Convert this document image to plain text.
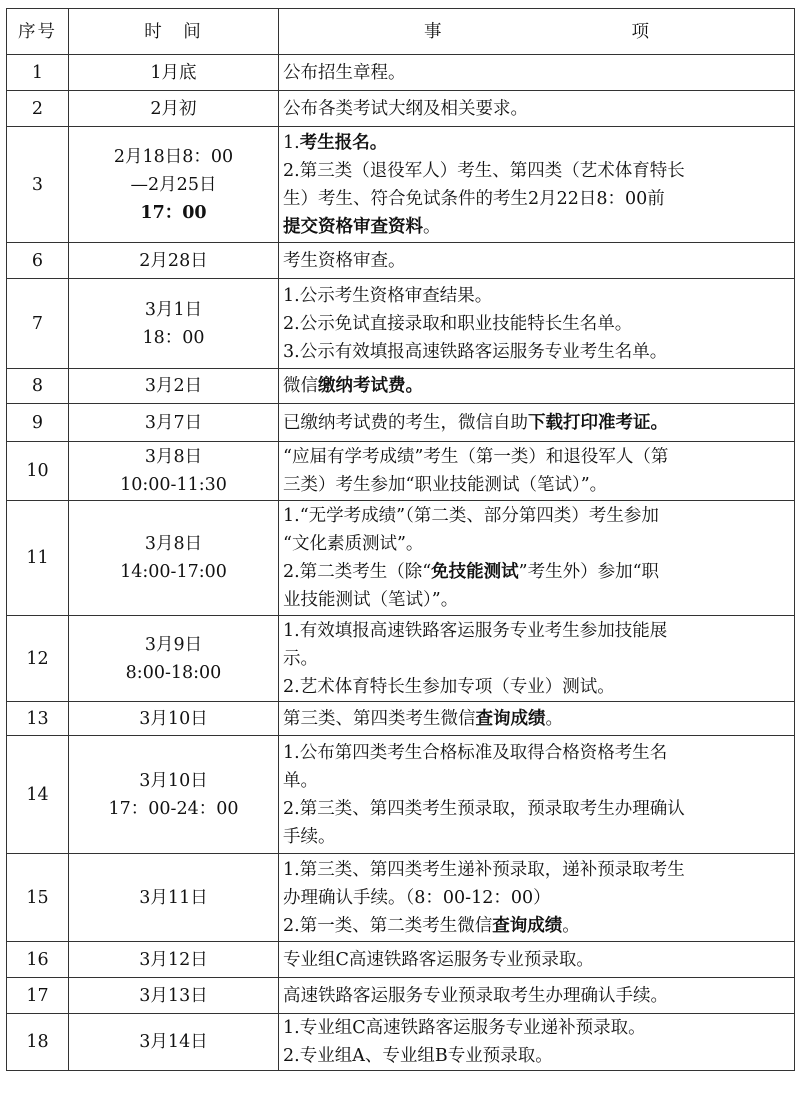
序号	时　间	事 项
1	1月底	公布招生章程。

2	2月初	公布各类考试大纲及相关要求。

3	2月18日8：00
—2月25日
17：00	1.考生报名。
2.第三类（退役军人）考生、第四类（艺术体育特长
生）考生、符合免试条件的考生2月22日8：00前
提交资格审查资料。

6	2月28日	考生资格审查。

7	3月1日
18：00	1.公示考生资格审查结果。
2.公示免试直接录取和职业技能特长生名单。
3.公示有效填报高速铁路客运服务专业考生名单。

8	3月2日	微信缴纳考试费。

9	3月7日	已缴纳考试费的考生，微信自助下载打印准考证。

10	3月8日
10:00-11:30	“应届有学考成绩”考生（第一类）和退役军人（第
三类）考生参加“职业技能测试（笔试）”。

11	3月8日
14:00-17:00	1.“无学考成绩”（第二类、部分第四类）考生参加
“文化素质测试”。
2.第二类考生（除“免技能测试”考生外）参加“职
业技能测试（笔试）”。

12	3月9日
8:00-18:00	1.有效填报高速铁路客运服务专业考生参加技能展
示。
2.艺术体育特长生参加专项（专业）测试。

13	3月10日	第三类、第四类考生微信查询成绩。

14	3月10日
17：00-24：00	1.公布第四类考生合格标准及取得合格资格考生名
单。
2.第三类、第四类考生预录取，预录取考生办理确认
手续。

15	3月11日	1.第三类、第四类考生递补预录取，递补预录取考生
办理确认手续。（8：00-12：00）
2.第一类、第二类考生微信查询成绩。

16	3月12日	专业组C高速铁路客运服务专业预录取。

17	3月13日	高速铁路客运服务专业预录取考生办理确认手续。

18	3月14日	1.专业组C高速铁路客运服务专业递补预录取。
2.专业组A、专业组B专业预录取。
